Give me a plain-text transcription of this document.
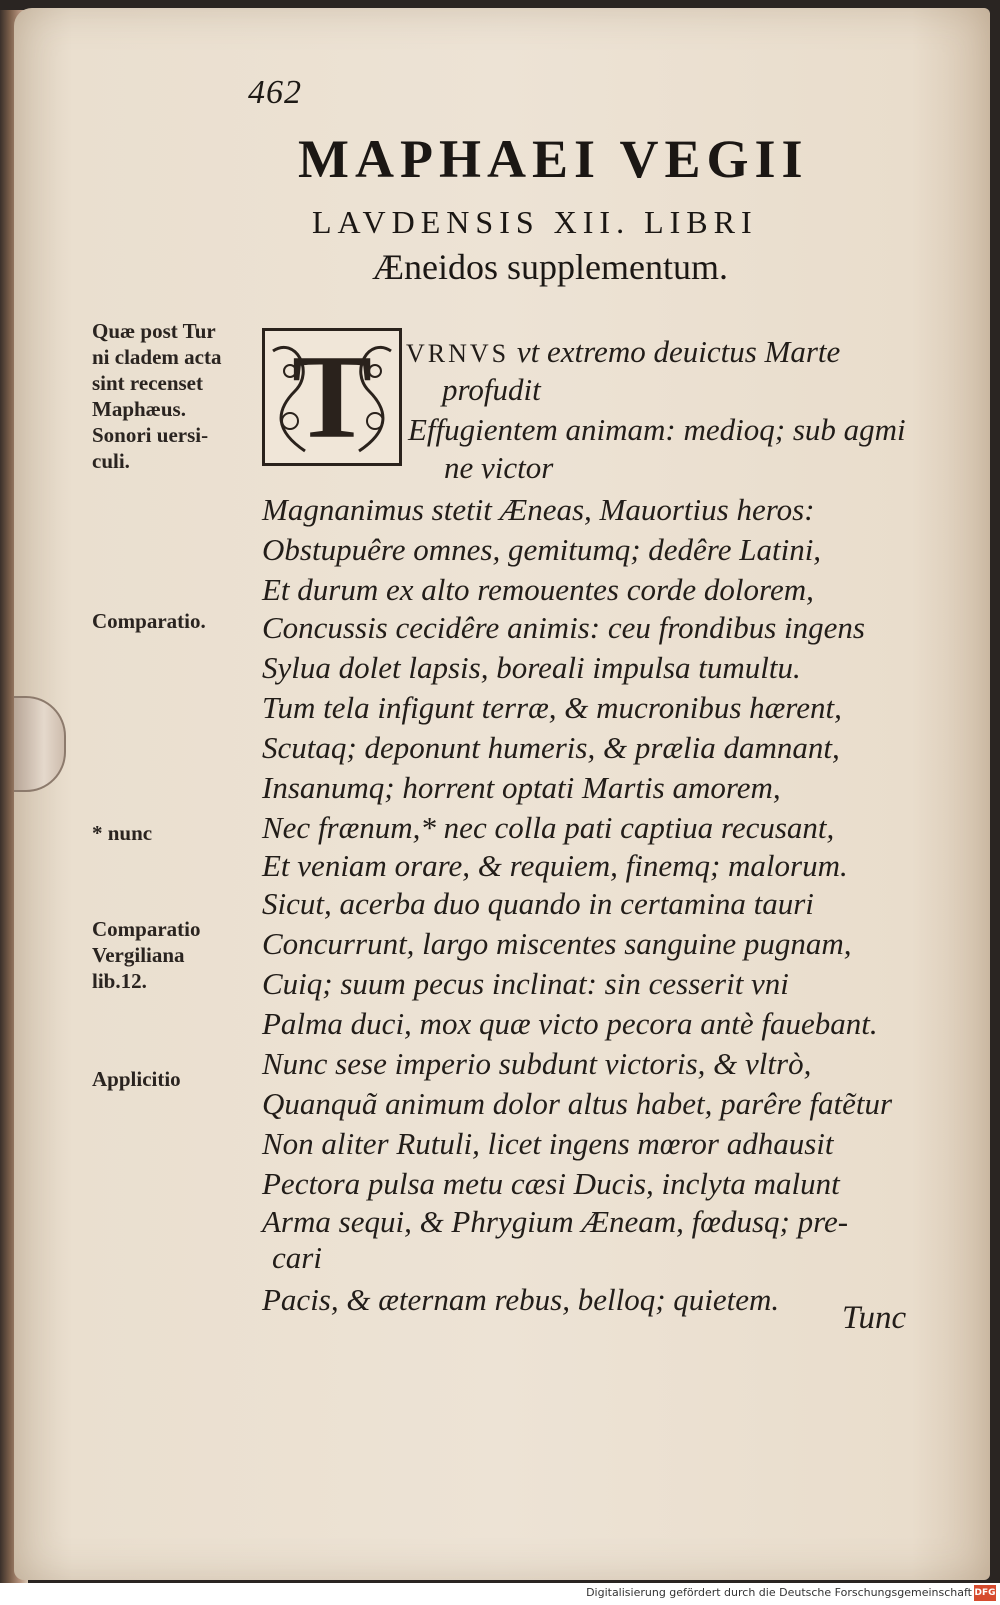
462
MAPHAEI VEGII
LAVDENSIS XII. LIBRI
Æneidos supplementum.
T
Quæ post Tur
ni cladem acta
sint recenset
Maphæus.
Sonori uersi-
culi.
Comparatio.
* nunc
Comparatio
Vergiliana
lib.12.
Applicitio
VRNVS vt extremo deuictus Marte
profudit
Effugientem animam: medioq; sub agmi
ne victor
Magnanimus stetit Æneas, Mauortius heros:
Obstupuêre omnes, gemitumq; dedêre Latini,
Et durum ex alto remouentes corde dolorem,
Concussis cecidêre animis: ceu frondibus ingens
Sylua dolet lapsis, boreali impulsa tumultu.
Tum tela infigunt terræ, & mucronibus hærent,
Scutaq; deponunt humeris, & prælia damnant,
Insanumq; horrent optati Martis amorem,
Nec frænum,* nec colla pati captiua recusant,
Et veniam orare, & requiem, finemq; malorum.
Sicut, acerba duo quando in certamina tauri
Concurrunt, largo miscentes sanguine pugnam,
Cuiq; suum pecus inclinat: sin cesserit vni
Palma duci, mox quæ victo pecora antè fauebant.
Nunc sese imperio subdunt victoris, & vltrò,
Quanquã animum dolor altus habet, parêre fatẽtur
Non aliter Rutuli, licet ingens mœror adhausit
Pectora pulsa metu cæsi Ducis, inclyta malunt
Arma sequi, & Phrygium Æneam, fœdusq; pre-
cari
Pacis, & æternam rebus, belloq; quietem.
Tunc
Digitalisierung gefördert durch die Deutsche Forschungsgemeinschaft DFG
